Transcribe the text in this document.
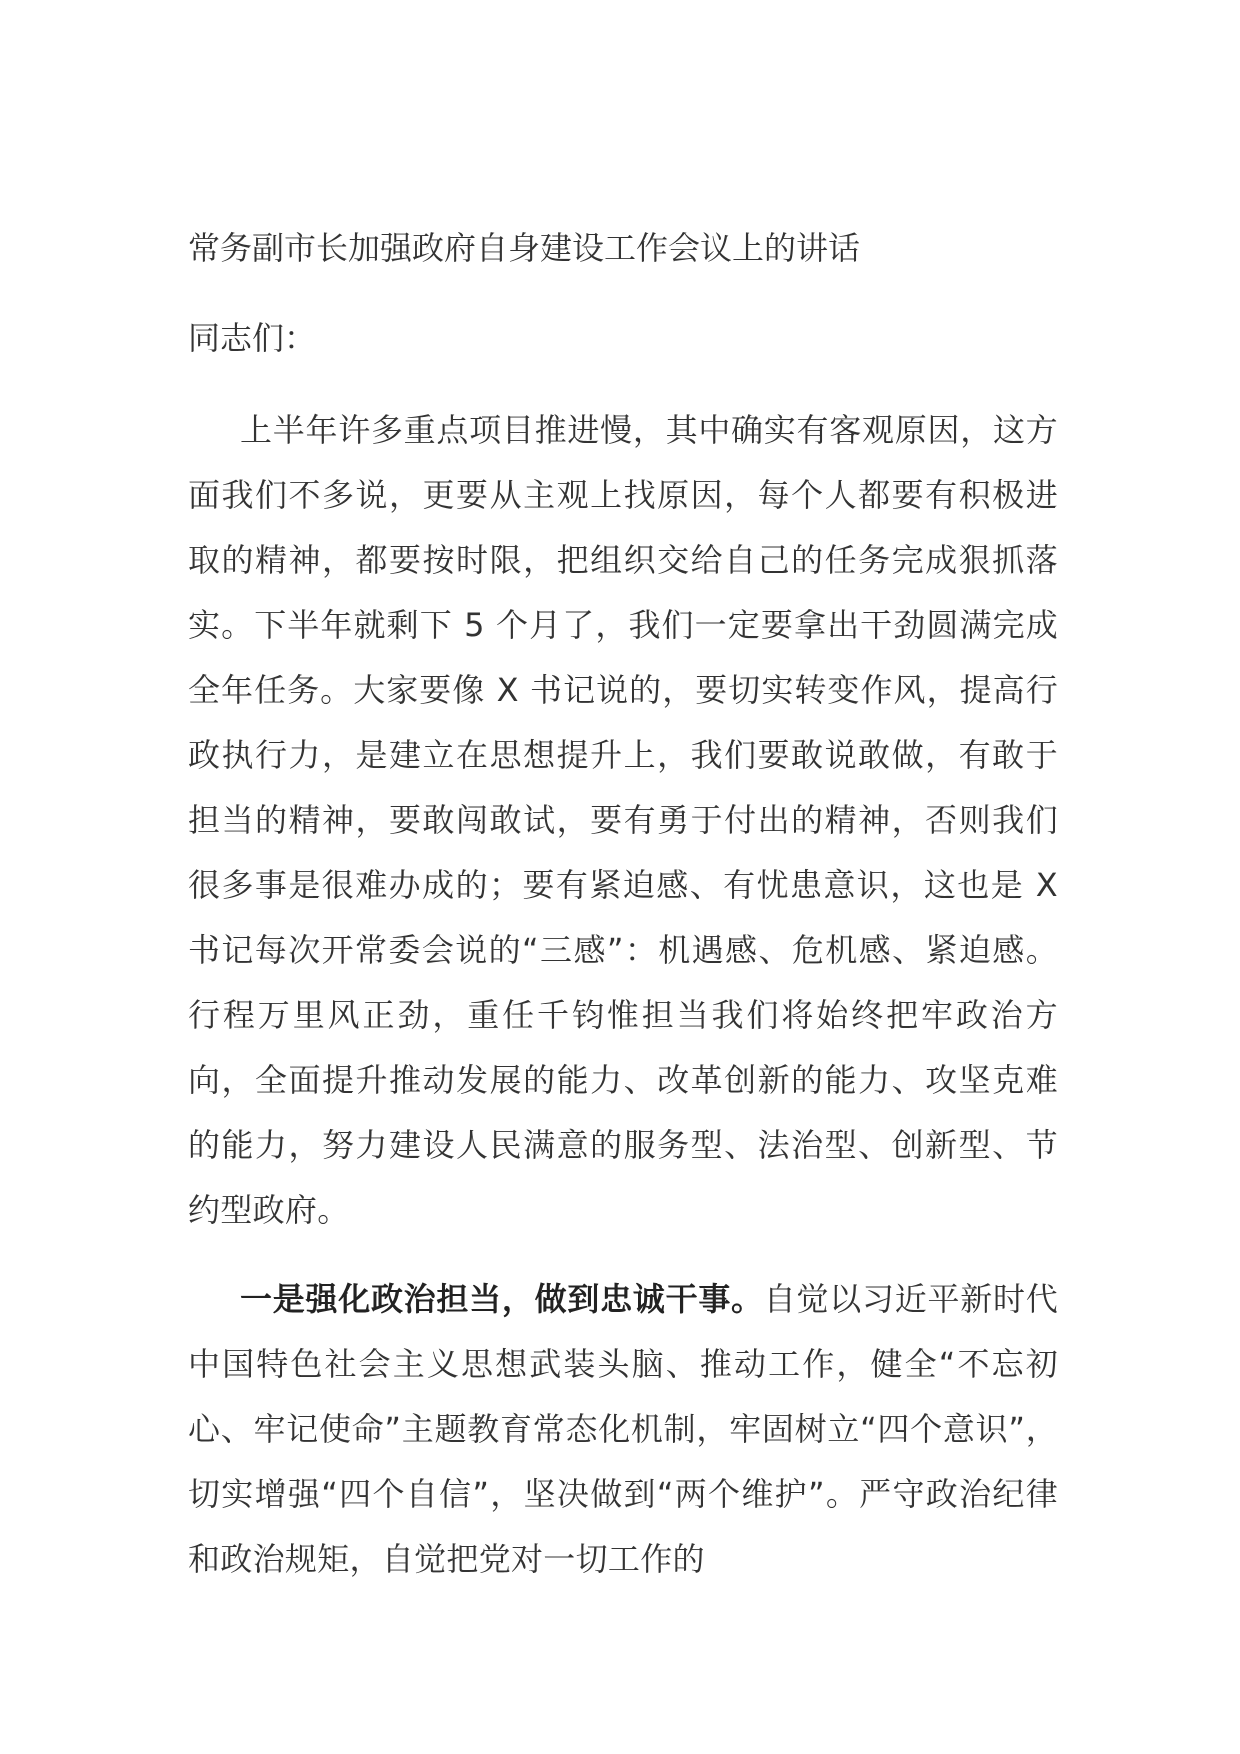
常务副市长加强政府自身建设工作会议上的讲话
同志们：

上半年许多重点项目推进慢，其中确实有客观原因，这方面我们不多说，更要从主观上找原因，每个人都要有积极进取的精神，都要按时限，把组织交给自己的任务完成狠抓落实。下半年就剩下 5 个月了，我们一定要拿出干劲圆满完成全年任务。大家要像 X 书记说的，要切实转变作风，提高行政执行力，是建立在思想提升上，我们要敢说敢做，有敢于担当的精神，要敢闯敢试，要有勇于付出的精神，否则我们很多事是很难办成的；要有紧迫感、有忧患意识，这也是 X 书记每次开常委会说的“三感”：机遇感、危机感、紧迫感。行程万里风正劲，重任千钧惟担当我们将始终把牢政治方向，全面提升推动发展的能力、改革创新的能力、攻坚克难的能力，努力建设人民满意的服务型、法治型、创新型、节约型政府。

一是强化政治担当，做到忠诚干事。自觉以习近平新时代中国特色社会主义思想武装头脑、推动工作，健全“不忘初心、牢记使命”主题教育常态化机制，牢固树立“四个意识”，切实增强“四个自信”，坚决做到“两个维护”。严守政治纪律和政治规矩，自觉把党对一切工作的
